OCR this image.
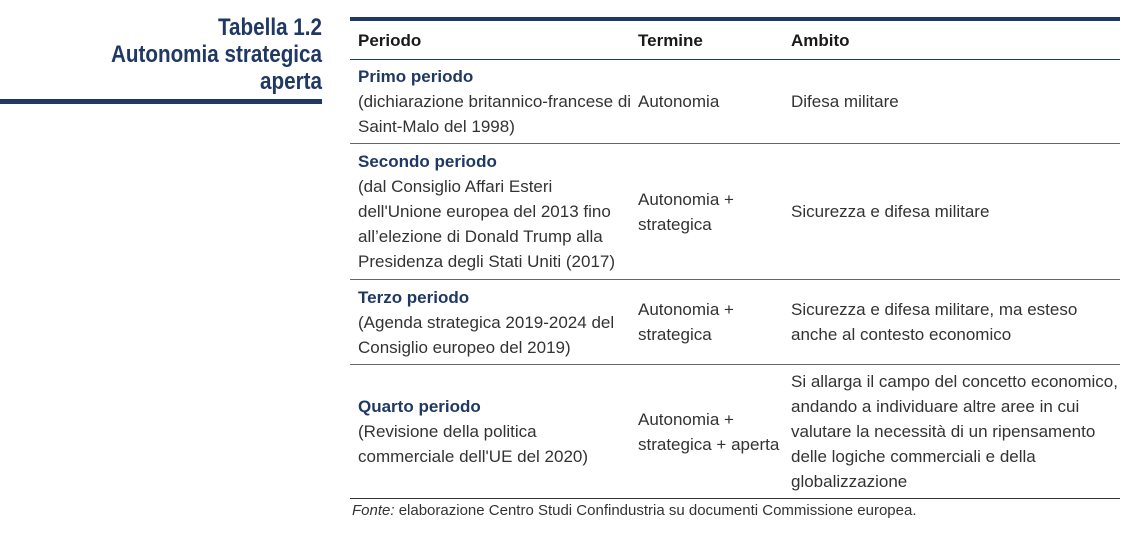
Tabella 1.2
Autonomia strategica aperta
Periodo	Termine	Ambito

Primo periodo
(dichiarazione britannico-francese di Saint-Malo del 1998)	Autonomia	Difesa militare

Secondo periodo
(dal Consiglio Affari Esteri dell'Unione europea del 2013 fino all’elezione di Donald Trump alla Presidenza degli Stati Uniti (2017)	Autonomia + strategica	Sicurezza e difesa militare

Terzo periodo
(Agenda strategica 2019-2024 del Consiglio europeo del 2019)	Autonomia + strategica	Sicurezza e difesa militare, ma esteso anche al contesto economico

Quarto periodo
(Revisione della politica commerciale dell'UE del 2020)	Autonomia + strategica + aperta	Si allarga il campo del concetto economico, andando a individuare altre aree in cui valutare la necessità di un ripensamento delle logiche commerciali e della globalizzazione
Fonte: elaborazione Centro Studi Confindustria su documenti Commissione europea.
